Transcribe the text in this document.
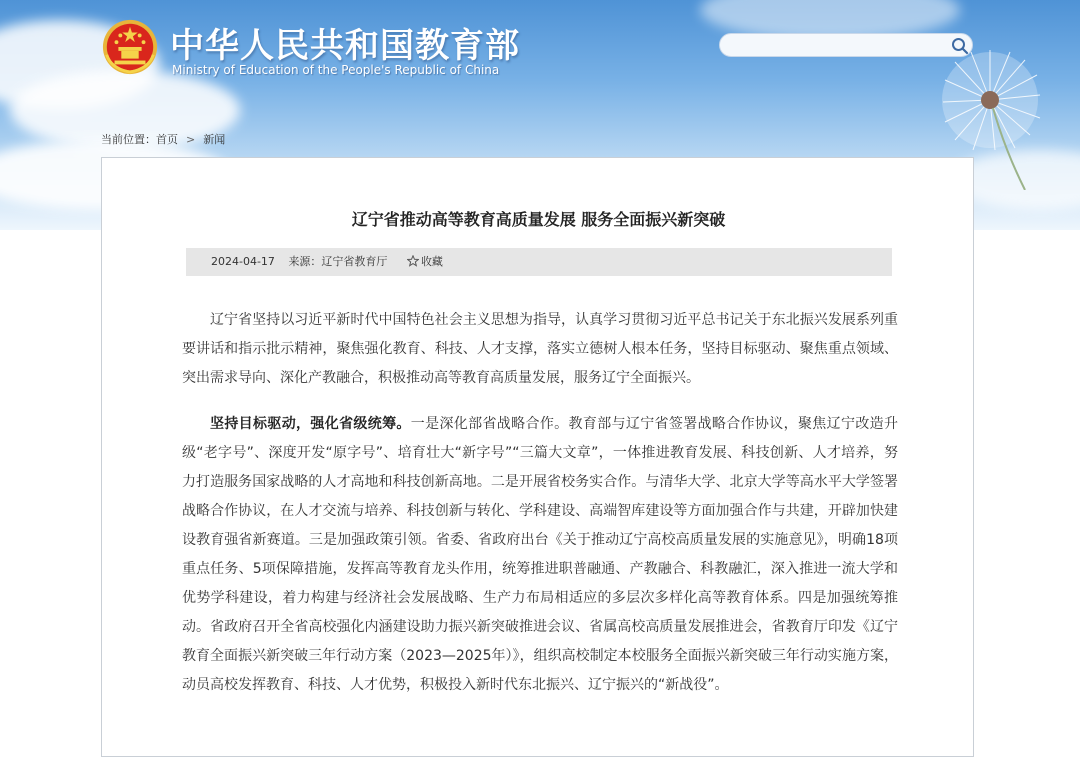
中华人民共和国教育部
Ministry of Education of the People's Republic of China
当前位置：首页 > 新闻
辽宁省推动高等教育高质量发展 服务全面振兴新突破
2024-04-17 来源：辽宁省教育厅	收藏

辽宁省坚持以习近平新时代中国特色社会主义思想为指导，认真学习贯彻习近平总书记关于东北振兴发展系列重要讲话和指示批示精神，聚焦强化教育、科技、人才支撑，落实立德树人根本任务，坚持目标驱动、聚焦重点领域、突出需求导向、深化产教融合，积极推动高等教育高质量发展，服务辽宁全面振兴。

坚持目标驱动，强化省级统筹。一是深化部省战略合作。教育部与辽宁省签署战略合作协议，聚焦辽宁改造升级“老字号”、深度开发“原字号”、培育壮大“新字号”“三篇大文章”，一体推进教育发展、科技创新、人才培养，努力打造服务国家战略的人才高地和科技创新高地。二是开展省校务实合作。与清华大学、北京大学等高水平大学签署战略合作协议，在人才交流与培养、科技创新与转化、学科建设、高端智库建设等方面加强合作与共建，开辟加快建设教育强省新赛道。三是加强政策引领。省委、省政府出台《关于推动辽宁高校高质量发展的实施意见》，明确18项重点任务、5项保障措施，发挥高等教育龙头作用，统筹推进职普融通、产教融合、科教融汇，深入推进一流大学和优势学科建设，着力构建与经济社会发展战略、生产力布局相适应的多层次多样化高等教育体系。四是加强统筹推动。省政府召开全省高校强化内涵建设助力振兴新突破推进会议、省属高校高质量发展推进会，省教育厅印发《辽宁教育全面振兴新突破三年行动方案（2023—2025年）》，组织高校制定本校服务全面振兴新突破三年行动实施方案，动员高校发挥教育、科技、人才优势，积极投入新时代东北振兴、辽宁振兴的“新战役”。
